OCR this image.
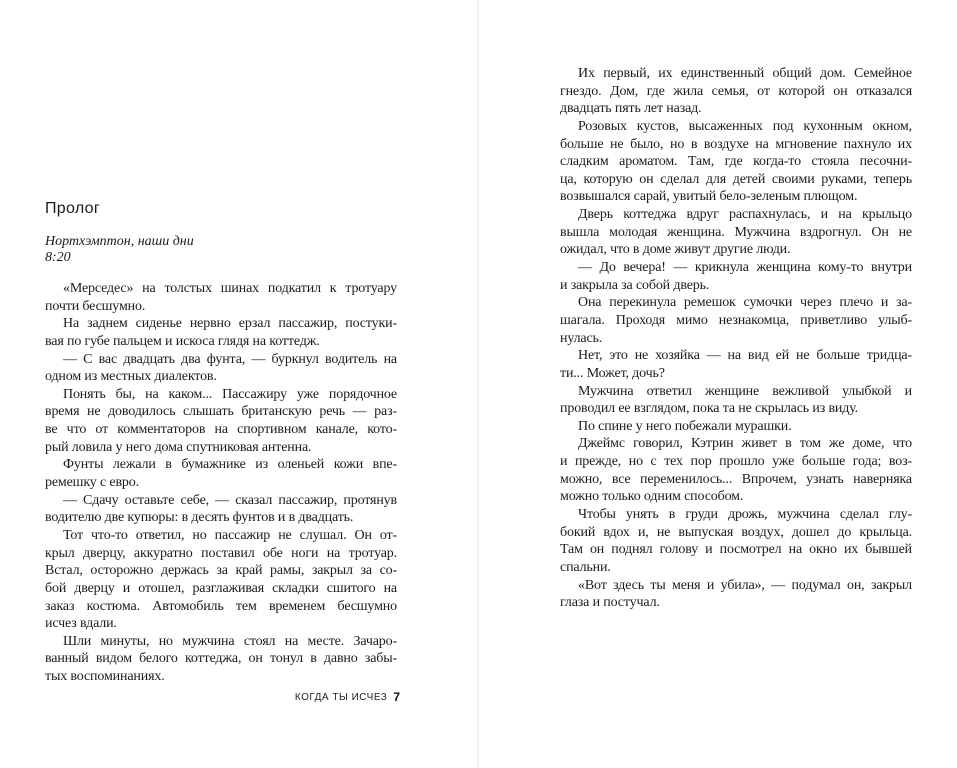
Пролог
Нортхэмптон, наши дни
8:20
«Мерседес» на толстых шинах подкатил к тротуару
почти бесшумно.
На заднем сиденье нервно ерзал пассажир, постуки-
вая по губе пальцем и искоса глядя на коттедж.
— С вас двадцать два фунта, — буркнул водитель на
одном из местных диалектов.
Понять бы, на каком... Пассажиру уже порядочное
время не доводилось слышать британскую речь — раз-
ве что от комментаторов на спортивном канале, кото-
рый ловила у него дома спутниковая антенна.
Фунты лежали в бумажнике из оленьей кожи впе-
ремешку с евро.
— Сдачу оставьте себе, — сказал пассажир, протянув
водителю две купюры: в десять фунтов и в двадцать.
Тот что-то ответил, но пассажир не слушал. Он от-
крыл дверцу, аккуратно поставил обе ноги на тротуар.
Встал, осторожно держась за край рамы, закрыл за со-
бой дверцу и отошел, разглаживая складки сшитого на
заказ костюма. Автомобиль тем временем бесшумно
исчез вдали.
Шли минуты, но мужчина стоял на месте. Зачаро-
ванный видом белого коттеджа, он тонул в давно забы-
тых воспоминаниях.
КОГДА ТЫ ИСЧЕЗ 7
Их первый, их единственный общий дом. Семейное
гнездо. Дом, где жила семья, от которой он отказался
двадцать пять лет назад.
Розовых кустов, высаженных под кухонным окном,
больше не было, но в воздухе на мгновение пахнуло их
сладким ароматом. Там, где когда-то стояла песочни-
ца, которую он сделал для детей своими руками, теперь
возвышался сарай, увитый бело-зеленым плющом.
Дверь коттеджа вдруг распахнулась, и на крыльцо
вышла молодая женщина. Мужчина вздрогнул. Он не
ожидал, что в доме живут другие люди.
— До вечера! — крикнула женщина кому-то внутри
и закрыла за собой дверь.
Она перекинула ремешок сумочки через плечо и за-
шагала. Проходя мимо незнакомца, приветливо улыб-
нулась.
Нет, это не хозяйка — на вид ей не больше тридца-
ти... Может, дочь?
Мужчина ответил женщине вежливой улыбкой и
проводил ее взглядом, пока та не скрылась из виду.
По спине у него побежали мурашки.
Джеймс говорил, Кэтрин живет в том же доме, что
и прежде, но с тех пор прошло уже больше года; воз-
можно, все переменилось... Впрочем, узнать наверняка
можно только одним способом.
Чтобы унять в груди дрожь, мужчина сделал глу-
бокий вдох и, не выпуская воздух, дошел до крыльца.
Там он поднял голову и посмотрел на окно их бывшей
спальни.
«Вот здесь ты меня и убила», — подумал он, закрыл
глаза и постучал.
